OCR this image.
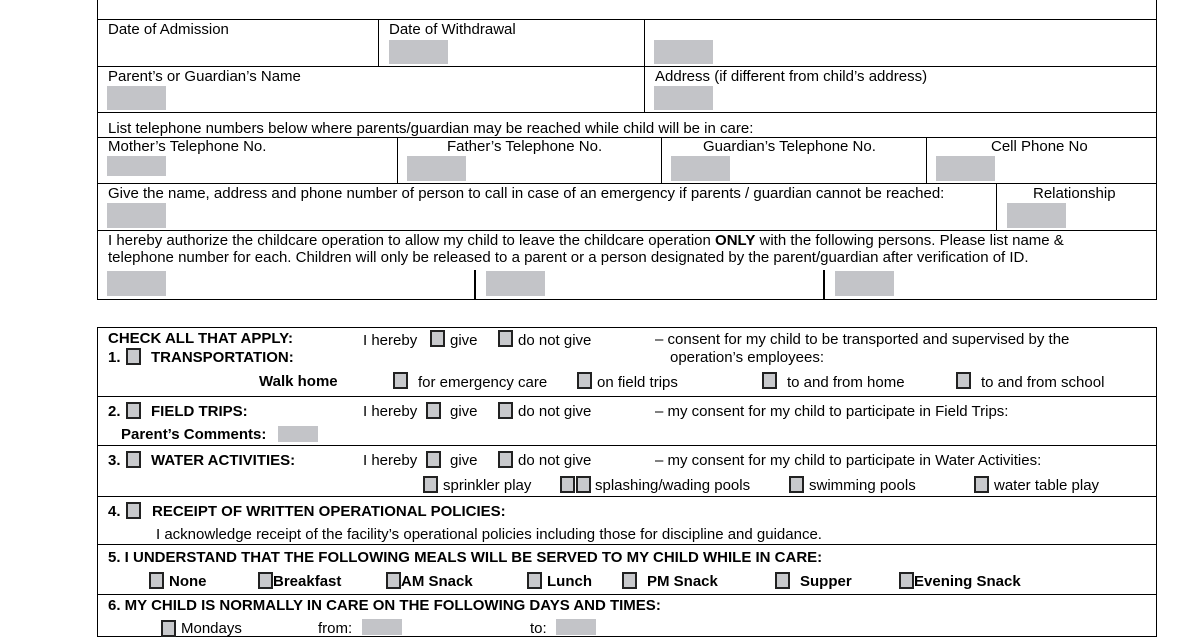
Date of Admission	Date of Withdrawal
Parent’s or Guardian’s Name	Address (if different from child’s address)
List telephone numbers below where parents/guardian may be reached while child will be in care:
Mother’s Telephone No.	Father’s Telephone No.	Guardian’s Telephone No.	Cell Phone No
Give the name, address and phone number of person to call in case of an emergency if parents / guardian cannot be reached:	Relationship
I hereby authorize the childcare operation to allow my child to leave the childcare operation ONLY with the following persons. Please list name &
telephone number for each. Children will only be released to a parent or a person designated by the parent/guardian after verification of ID.
CHECK ALL THAT APPLY:
1. TRANSPORTATION:
I hereby give	do not give	– consent for my child to be transported and supervised by the
operation’s employees:
Walk home	for emergency care	on field trips	to and from home	to and from school
2. FIELD TRIPS:	I hereby give	do not give	– my consent for my child to participate in Field Trips:
Parent’s Comments:
3. WATER ACTIVITIES:	I hereby give	do not give	– my consent for my child to participate in Water Activities:
sprinkler play	splashing/wading pools	swimming pools	water table play
4. RECEIPT OF WRITTEN OPERATIONAL POLICIES:
I acknowledge receipt of the facility’s operational policies including those for discipline and guidance.
5. I UNDERSTAND THAT THE FOLLOWING MEALS WILL BE SERVED TO MY CHILD WHILE IN CARE:
None	Breakfast	AM Snack	Lunch	PM Snack	Supper	Evening Snack
6. MY CHILD IS NORMALLY IN CARE ON THE FOLLOWING DAYS AND TIMES:
Mondays	from:	to:
